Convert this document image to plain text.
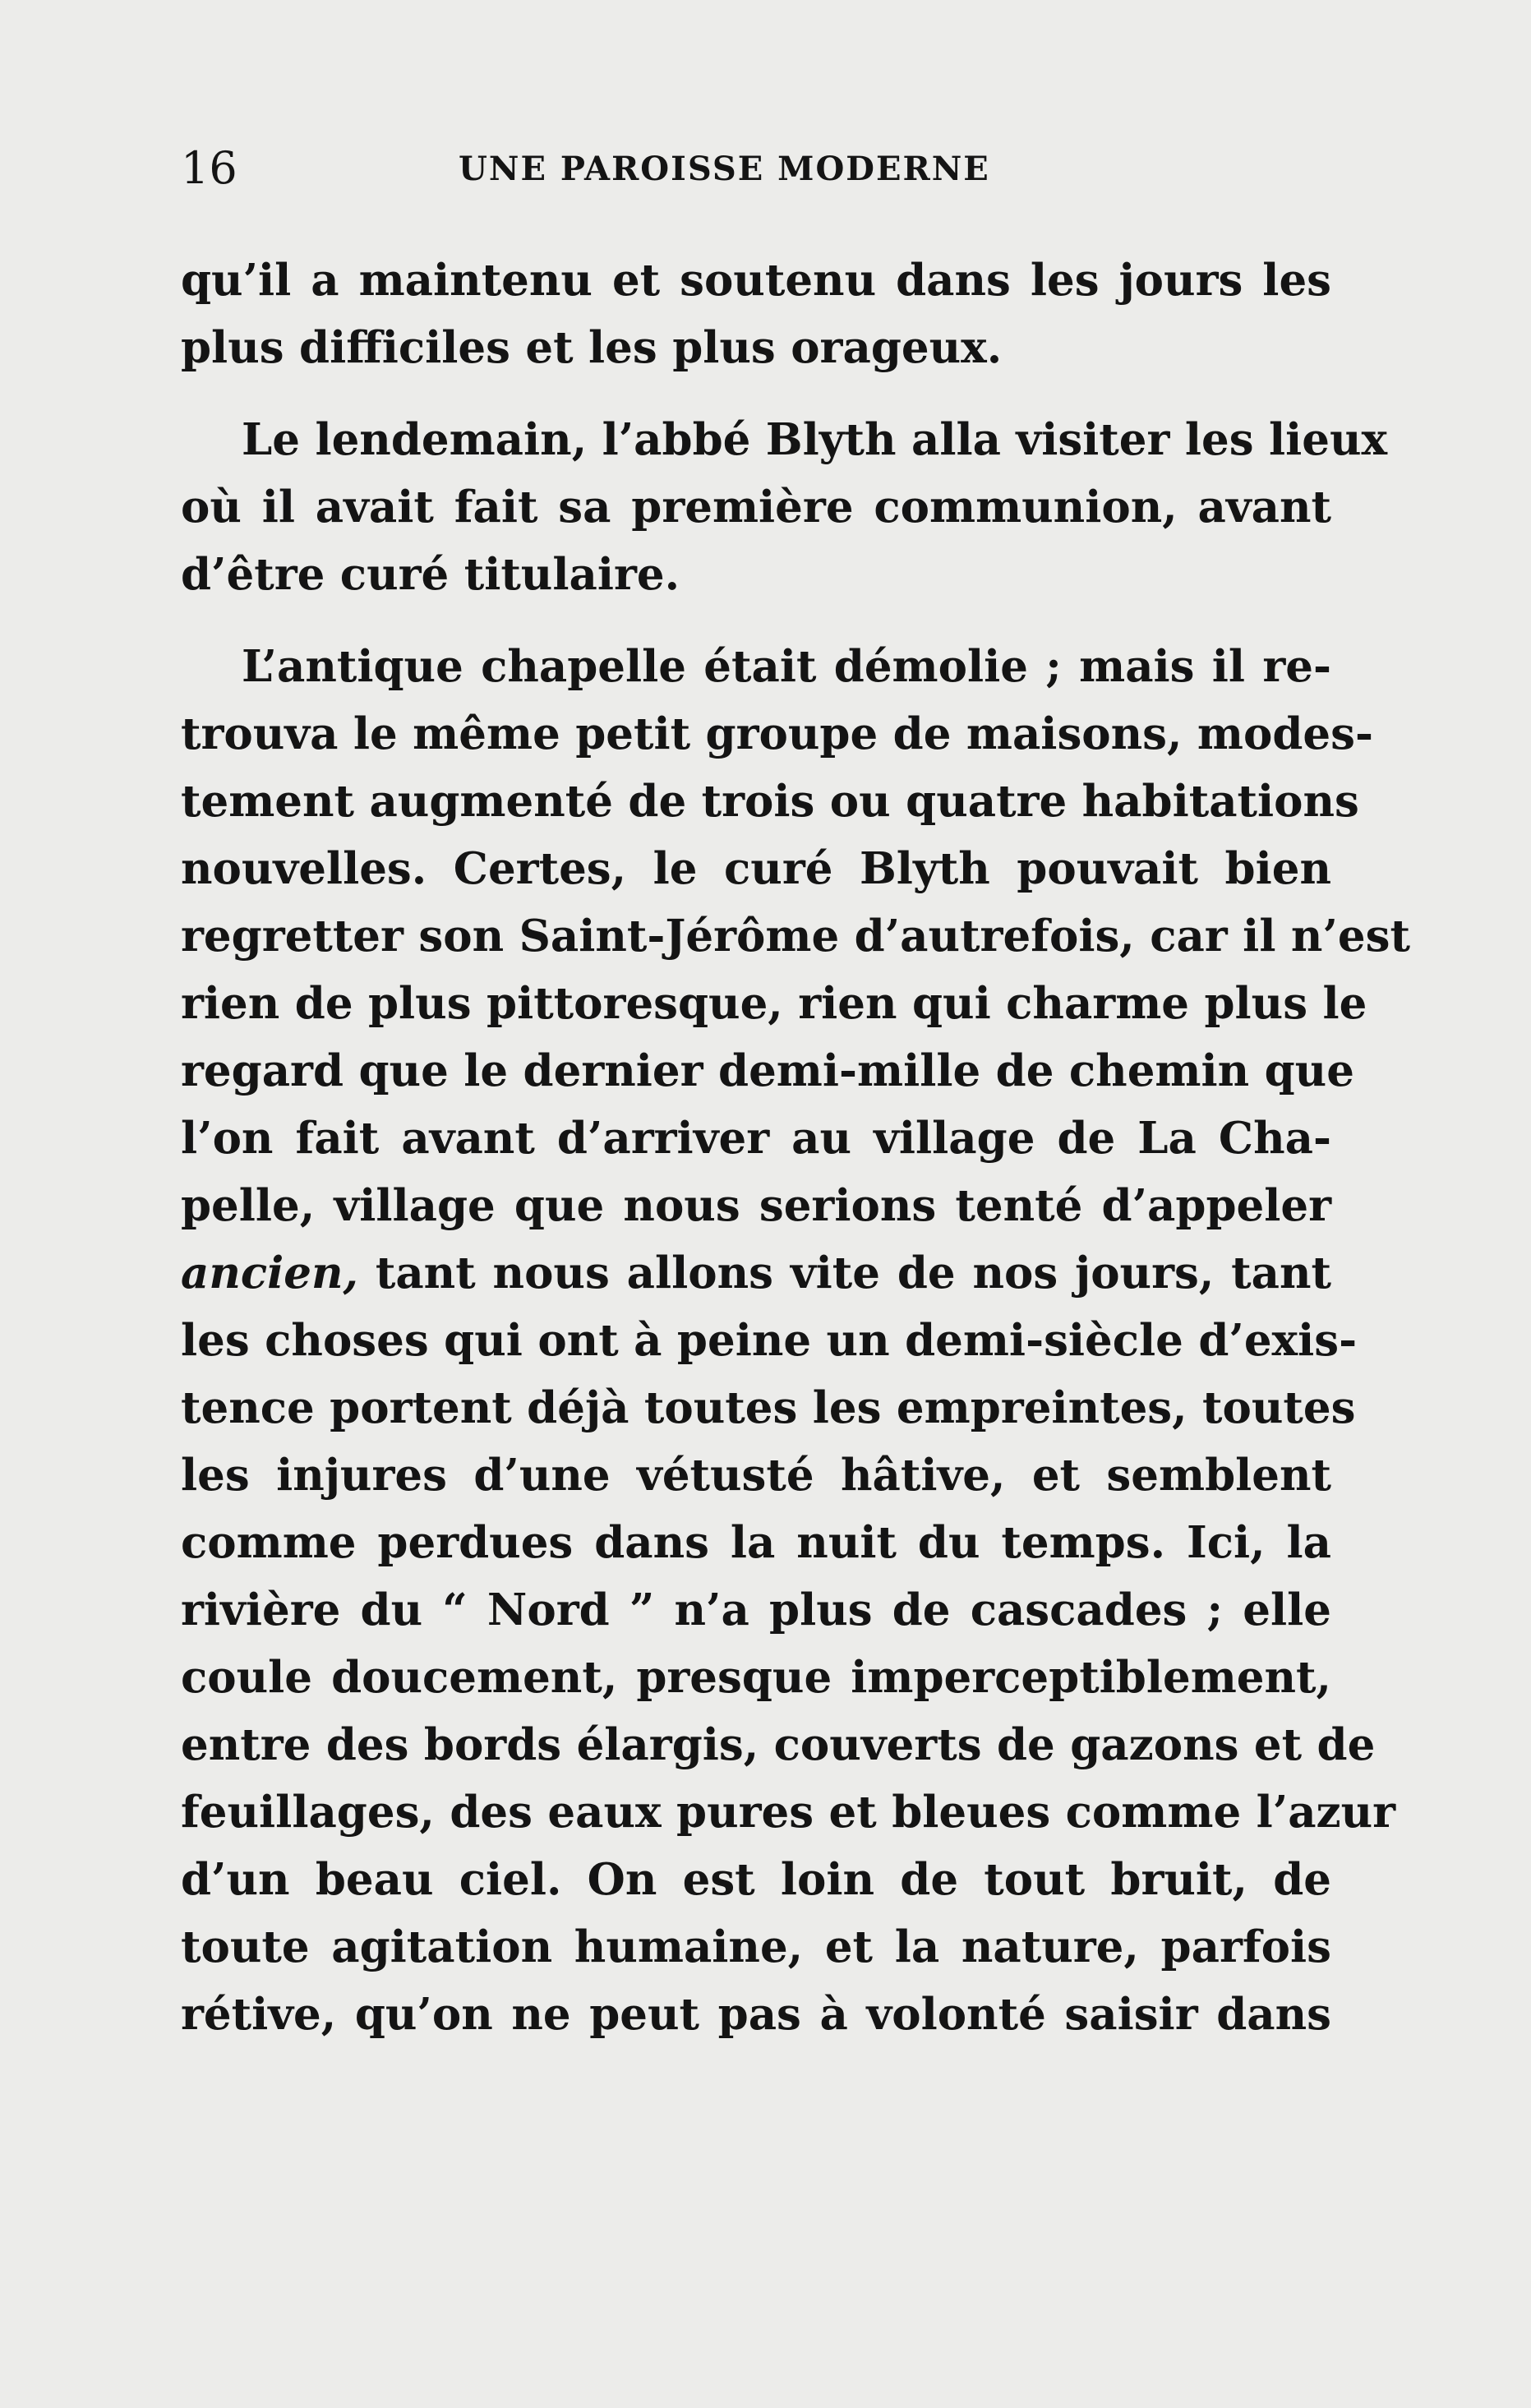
16	UNE PAROISSE MODERNE
qu’il a maintenu et soutenu dans les jours les
plus difficiles et les plus orageux.
Le lendemain, l’abbé Blyth alla visiter les lieux
où il avait fait sa première communion, avant
d’être curé titulaire.
L’antique chapelle était démolie ; mais il re-
trouva le même petit groupe de maisons, modes-
tement augmenté de trois ou quatre habitations
nouvelles. Certes, le curé Blyth pouvait bien
regretter son Saint-Jérôme d’autrefois, car il n’est
rien de plus pittoresque, rien qui charme plus le
regard que le dernier demi-mille de chemin que
l’on fait avant d’arriver au village de La Cha-
pelle, village que nous serions tenté d’appeler
ancien, tant nous allons vite de nos jours, tant
les choses qui ont à peine un demi-siècle d’exis-
tence portent déjà toutes les empreintes, toutes
les injures d’une vétusté hâtive, et semblent
comme perdues dans la nuit du temps. Ici, la
rivière du “ Nord ” n’a plus de cascades ; elle
coule doucement, presque imperceptiblement,
entre des bords élargis, couverts de gazons et de
feuillages, des eaux pures et bleues comme l’azur
d’un beau ciel. On est loin de tout bruit, de
toute agitation humaine, et la nature, parfois
rétive, qu’on ne peut pas à volonté saisir dans
